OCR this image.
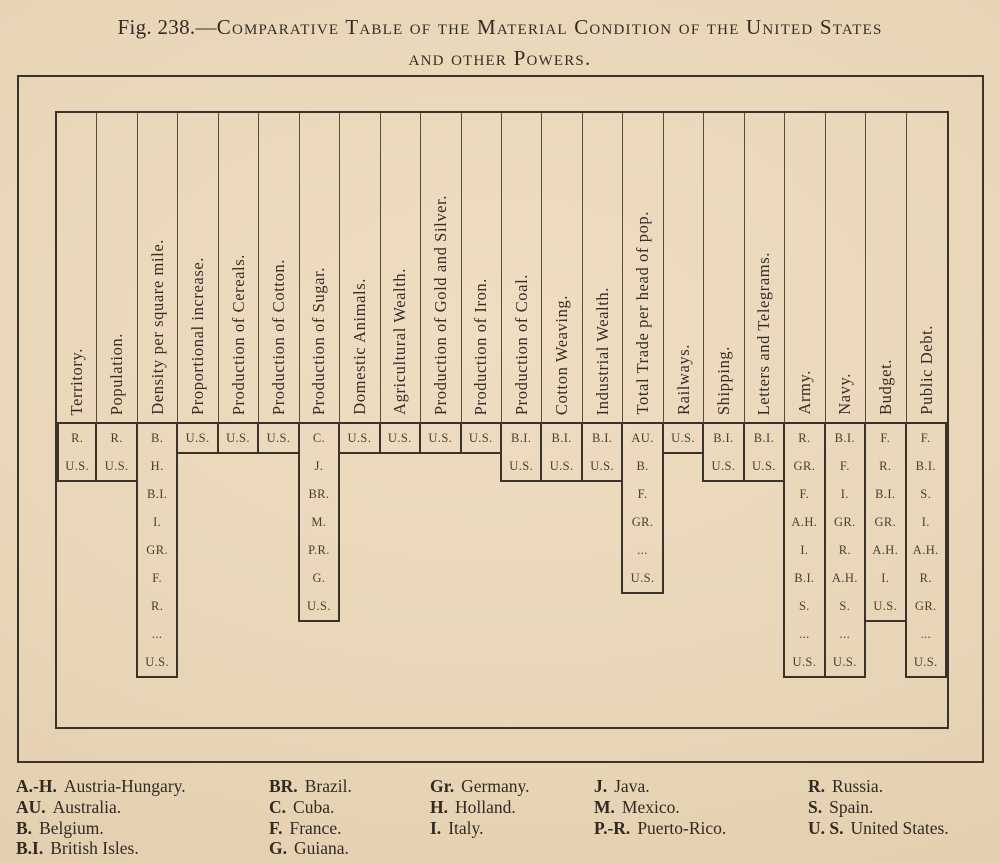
Fig. 238.—Comparative Table of the Material Condition of the United States
and other Powers.
Territory.
R.
U.S.
Population.
R.
U.S.
Density per square mile.
B.
H.
B.I.
I.
GR.
F.
R.
...
U.S.
Proportional increase.
U.S.
Production of Cereals.
U.S.
Production of Cotton.
U.S.
Production of Sugar.
C.
J.
BR.
M.
P.R.
G.
U.S.
Domestic Animals.
U.S.
Agricultural Wealth.
U.S.
Production of Gold and Silver.
U.S.
Production of Iron.
U.S.
Production of Coal.
B.I.
U.S.
Cotton Weaving.
B.I.
U.S.
Industrial Wealth.
B.I.
U.S.
Total Trade per head of pop.
AU.
B.
F.
GR.
...
U.S.
Railways.
U.S.
Shipping.
B.I.
U.S.
Letters and Telegrams.
B.I.
U.S.
Army.
R.
GR.
F.
A.H.
I.
B.I.
S.
...
U.S.
Navy.
B.I.
F.
I.
GR.
R.
A.H.
S.
...
U.S.
Budget.
F.
R.
B.I.
GR.
A.H.
I.
U.S.
Public Debt.
F.
B.I.
S.
I.
A.H.
R.
GR.
...
U.S.
A.-H. Austria-Hungary.
AU. Australia.
B. Belgium.
B.I. British Isles.
BR. Brazil.
C. Cuba.
F. France.
G. Guiana.
Gr. Germany.
H. Holland.
I. Italy.
J. Java.
M. Mexico.
P.-R. Puerto-Rico.
R. Russia.
S. Spain.
U. S. United States.
